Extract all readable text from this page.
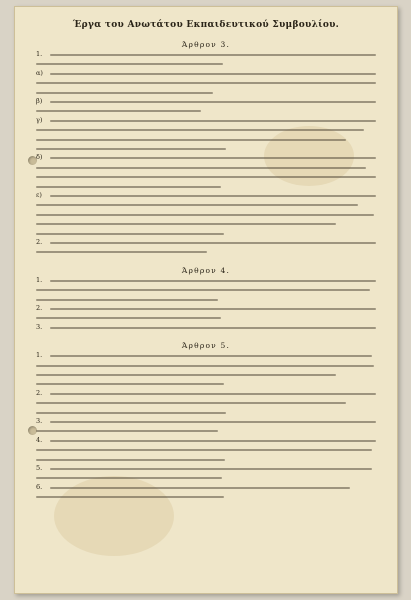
Έργα του Ανωτάτου Εκπαιδευτικού Συμβουλίου.
Άρθρον 3.
1.
α)
β)
γ)
δ)
ε)
2.
Άρθρον 4.
1.
2.
3.
Άρθρον 5.
1.
2.
3.
4.
5.
6.
